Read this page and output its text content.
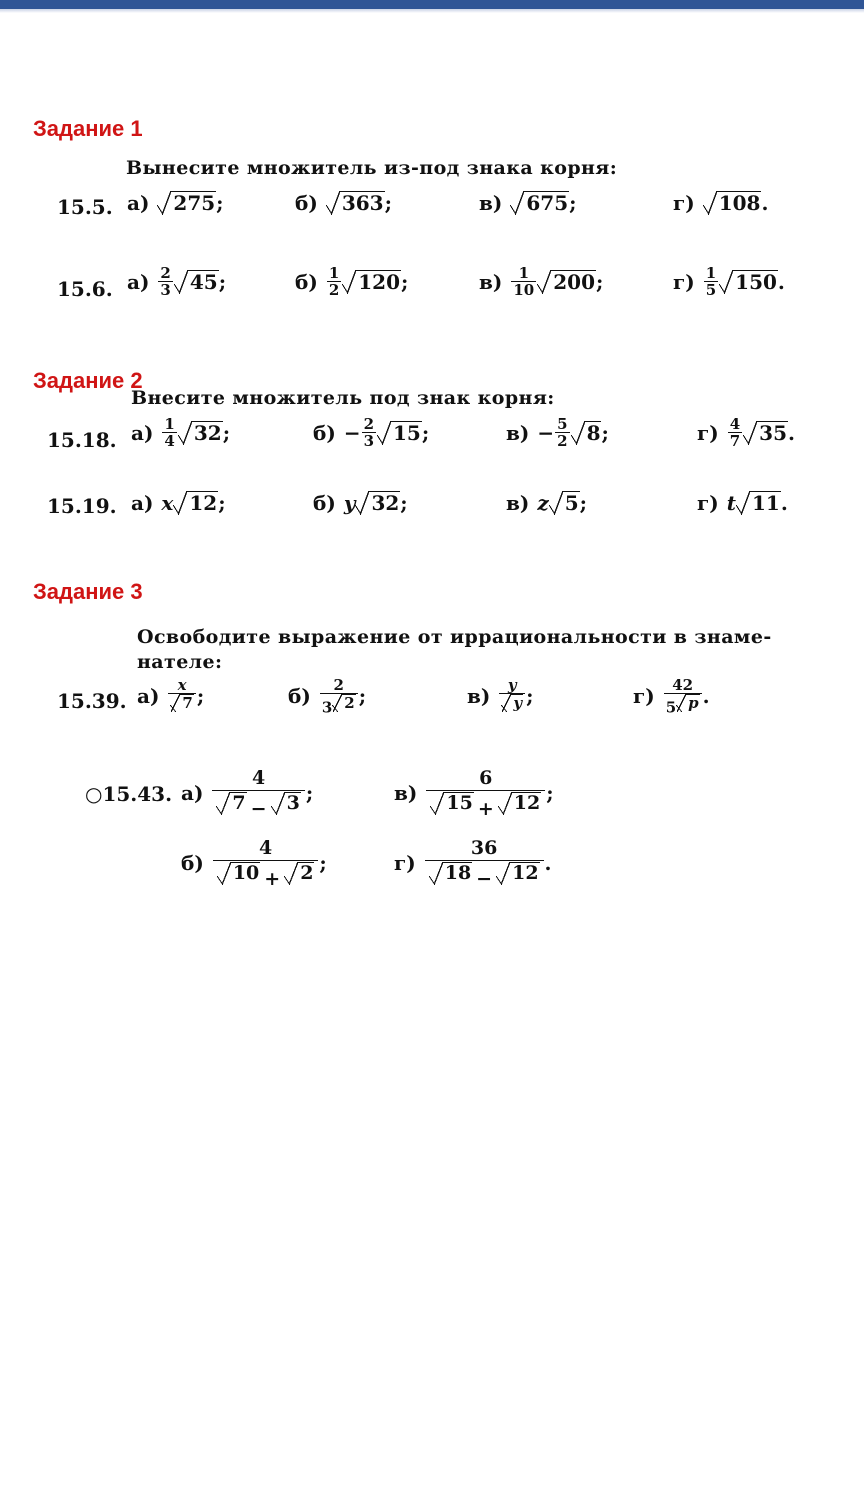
Задание 1
Вынесите множитель из-под знака корня:
15.5. а) 275 ;	б) 363 ;	в) 675 ;	г) 108 .
15.6. $а) \frac{2}{3} 45$ ;	$б) \frac{1}{2} 120$ ;	$в) \frac{1}{10} 200$ ;	$г) \frac{1}{5} 150$ .
Задание 2
Внесите множитель под знак корня:
15.18. $а) \frac{1}{4} 32$ ;	$б) - \frac{2}{3} 15$ ;	$в) - \frac{5}{2} 8$ ;	$г) \frac{4}{7} 35$ .
15.19. а) x 12 ;	б) y 32 ;	в) z 5 ;	г) t 11 .
Задание 3
Освободите выражение от иррациональности в знаме-
нателе:
15.39. $а) \frac{x}{7}$ ;	$б) \frac{2}{3 2}$ ;	$в) \frac{y}{y}$ ;	$г) \frac{42}{5 p}$ .
○15.43. $а) \frac{4}{7 - 3}$ ;	$в) \frac{6}{15 + 12}$ ;
$б) \frac{4}{10 + 2}$ ;	$г) \frac{36}{18 - 12}$ .
